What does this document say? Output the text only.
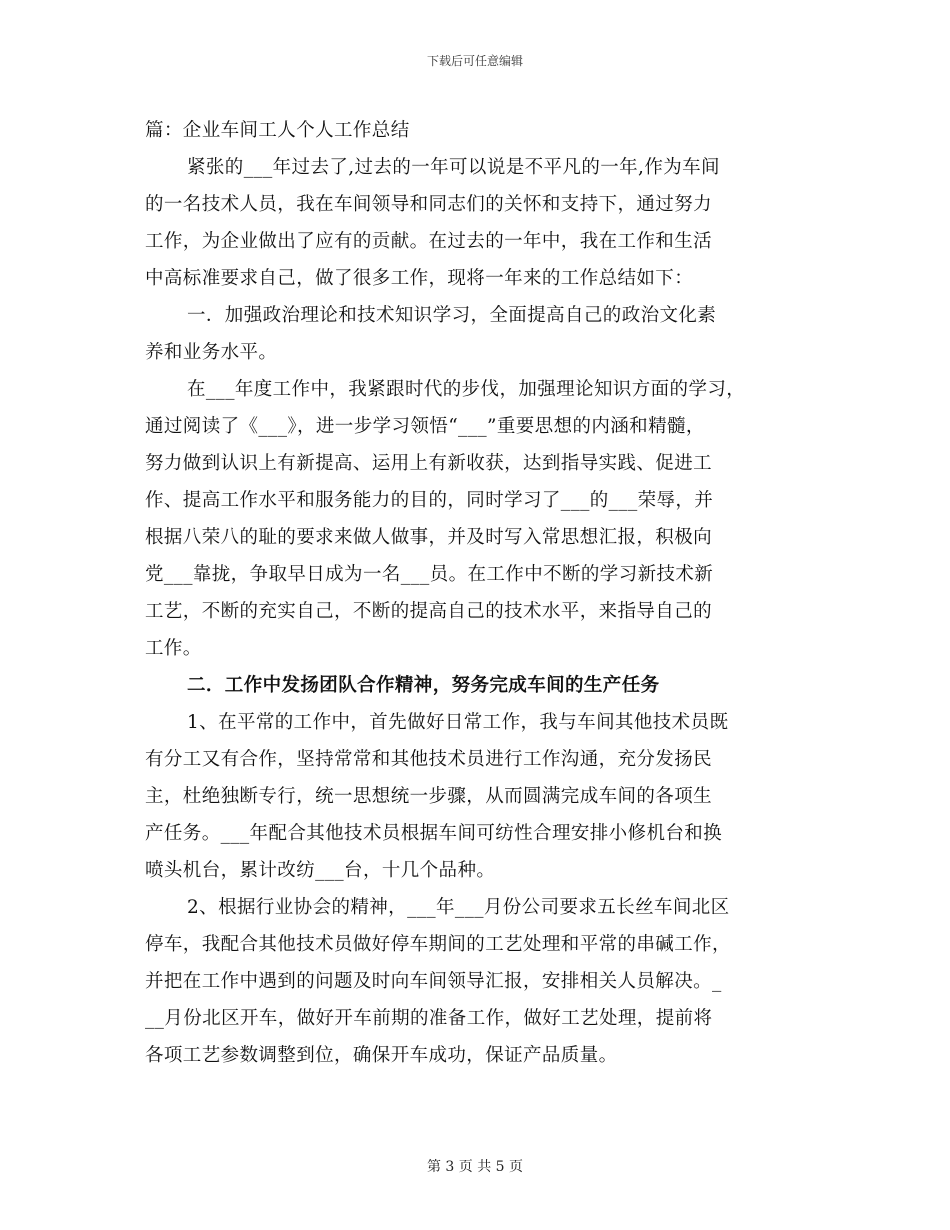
下载后可任意编辑
篇：企业车间工人个人工作总结
紧张的___年过去了,过去的一年可以说是不平凡的一年,作为车间
的一名技术人员，我在车间领导和同志们的关怀和支持下，通过努力
工作，为企业做出了应有的贡献。在过去的一年中，我在工作和生活
中高标准要求自己，做了很多工作，现将一年来的工作总结如下：
一．加强政治理论和技术知识学习，全面提高自己的政治文化素
养和业务水平。
在___年度工作中，我紧跟时代的步伐，加强理论知识方面的学习，
通过阅读了《___》，进一步学习领悟“___”重要思想的内涵和精髓，
努力做到认识上有新提高、运用上有新收获，达到指导实践、促进工
作、提高工作水平和服务能力的目的，同时学习了___的___荣辱，并
根据八荣八的耻的要求来做人做事，并及时写入常思想汇报，积极向
党___靠拢，争取早日成为一名___员。在工作中不断的学习新技术新
工艺，不断的充实自己，不断的提高自己的技术水平，来指导自己的
工作。
二．工作中发扬团队合作精神，努务完成车间的生产任务
1、在平常的工作中，首先做好日常工作，我与车间其他技术员既
有分工又有合作，坚持常常和其他技术员进行工作沟通，充分发扬民
主，杜绝独断专行，统一思想统一步骤，从而圆满完成车间的各项生
产任务。___年配合其他技术员根据车间可纺性合理安排小修机台和换
喷头机台，累计改纺___台，十几个品种。
2、根据行业协会的精神，___年___月份公司要求五长丝车间北区
停车，我配合其他技术员做好停车期间的工艺处理和平常的串碱工作，
并把在工作中遇到的问题及时向车间领导汇报，安排相关人员解决。_
__月份北区开车，做好开车前期的准备工作，做好工艺处理，提前将
各项工艺参数调整到位，确保开车成功，保证产品质量。
第 3 页 共 5 页
